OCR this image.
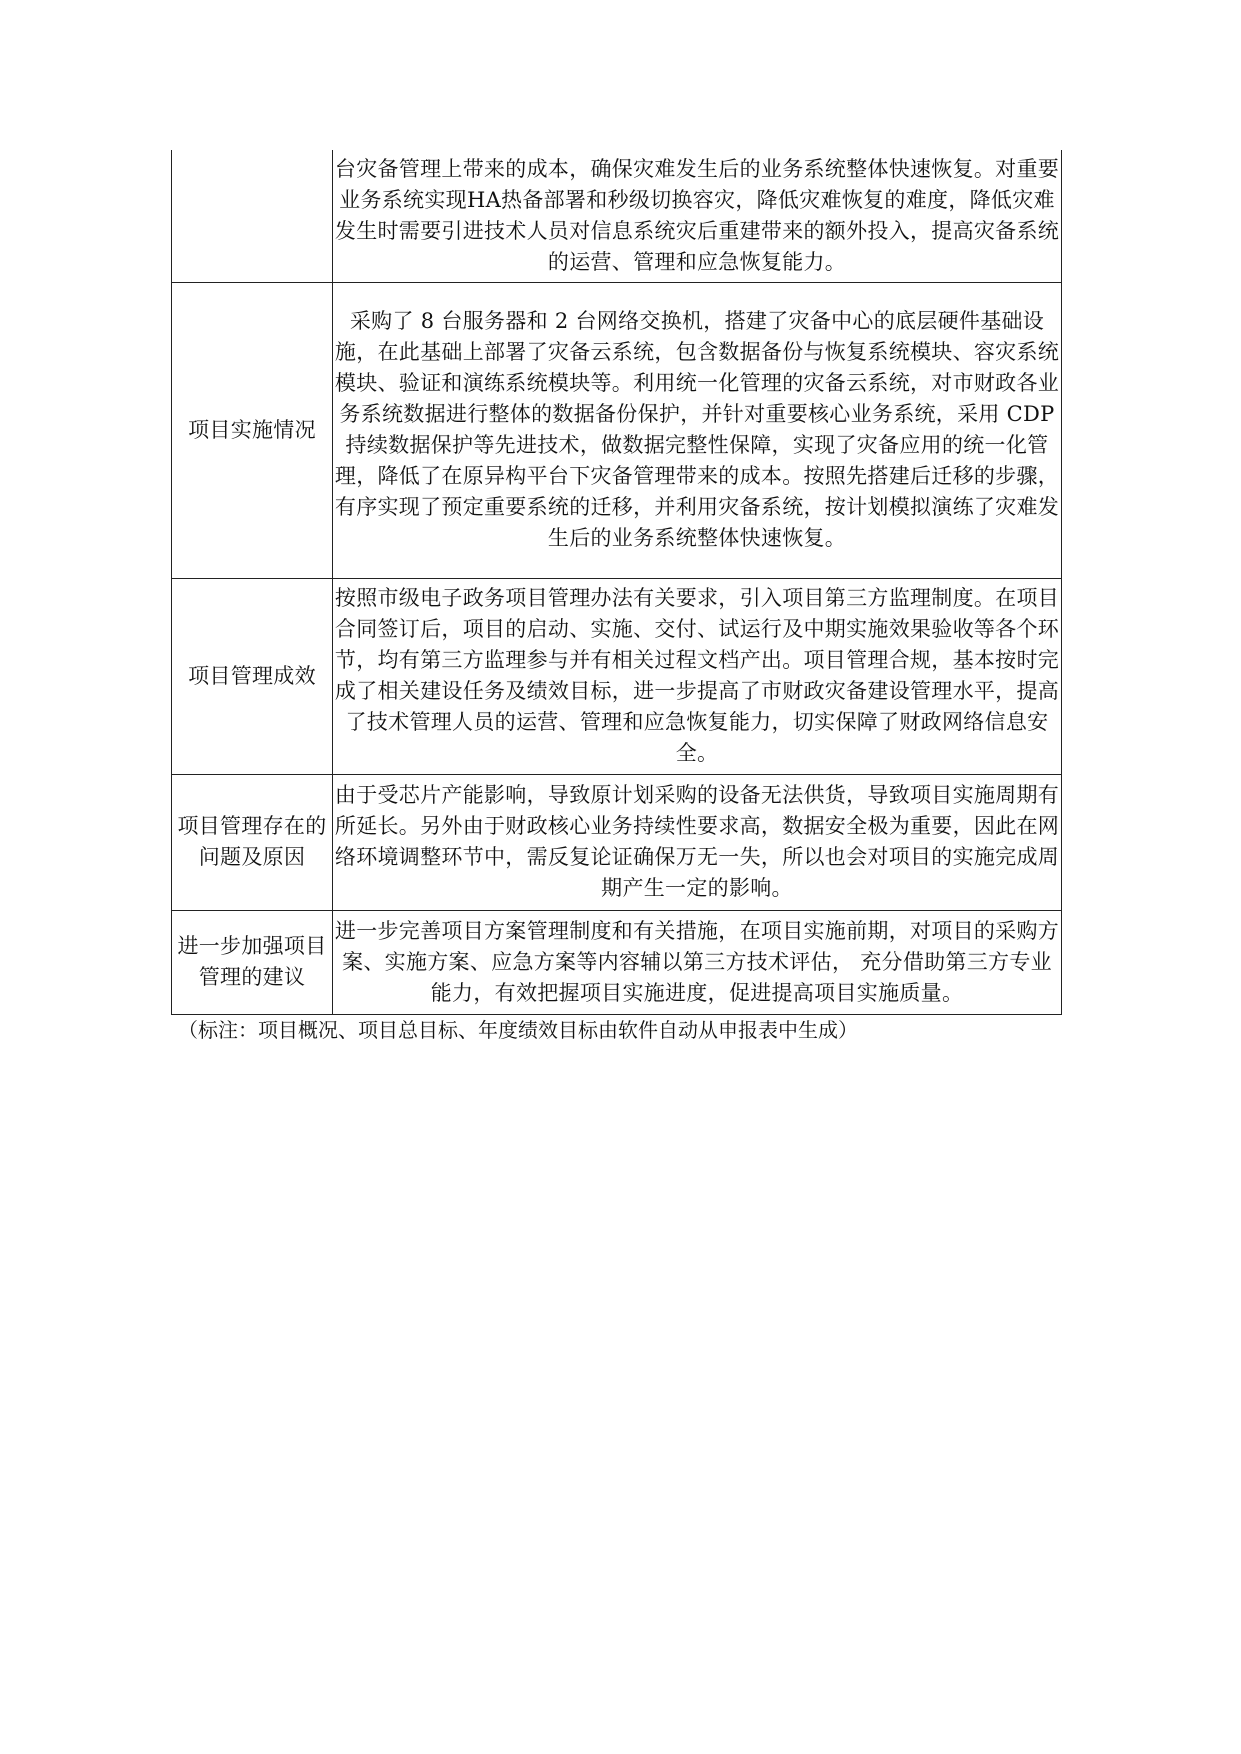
	台灾备管理上带来的成本，确保灾难发生后的业务系统整体快速恢复。对重要业务系统实现HA热备部署和秒级切换容灾，降低灾难恢复的难度，降低灾难发生时需要引进技术人员对信息系统灾后重建带来的额外投入，提高灾备系统的运营、管理和应急恢复能力。

项目实施情况	采购了 8 台服务器和 2 台网络交换机，搭建了灾备中心的底层硬件基础设施，在此基础上部署了灾备云系统，包含数据备份与恢复系统模块、容灾系统模块、验证和演练系统模块等。利用统一化管理的灾备云系统，对市财政各业务系统数据进行整体的数据备份保护，并针对重要核心业务系统，采用 CDP 持续数据保护等先进技术，做数据完整性保障，实现了灾备应用的统一化管理，降低了在原异构平台下灾备管理带来的成本。按照先搭建后迁移的步骤，有序实现了预定重要系统的迁移，并利用灾备系统，按计划模拟演练了灾难发生后的业务系统整体快速恢复。

项目管理成效	按照市级电子政务项目管理办法有关要求，引入项目第三方监理制度。在项目合同签订后，项目的启动、实施、交付、试运行及中期实施效果验收等各个环节，均有第三方监理参与并有相关过程文档产出。项目管理合规，基本按时完成了相关建设任务及绩效目标，进一步提高了市财政灾备建设管理水平，提高了技术管理人员的运营、管理和应急恢复能力，切实保障了财政网络信息安全。

项目管理存在的问题及原因	由于受芯片产能影响，导致原计划采购的设备无法供货，导致项目实施周期有所延长。另外由于财政核心业务持续性要求高，数据安全极为重要，因此在网络环境调整环节中，需反复论证确保万无一失，所以也会对项目的实施完成周期产生一定的影响。

进一步加强项目管理的建议	进一步完善项目方案管理制度和有关措施，在项目实施前期，对项目的采购方案、实施方案、应急方案等内容辅以第三方技术评估， 充分借助第三方专业能力，有效把握项目实施进度，促进提高项目实施质量。
（标注：项目概况、项目总目标、年度绩效目标由软件自动从申报表中生成）
